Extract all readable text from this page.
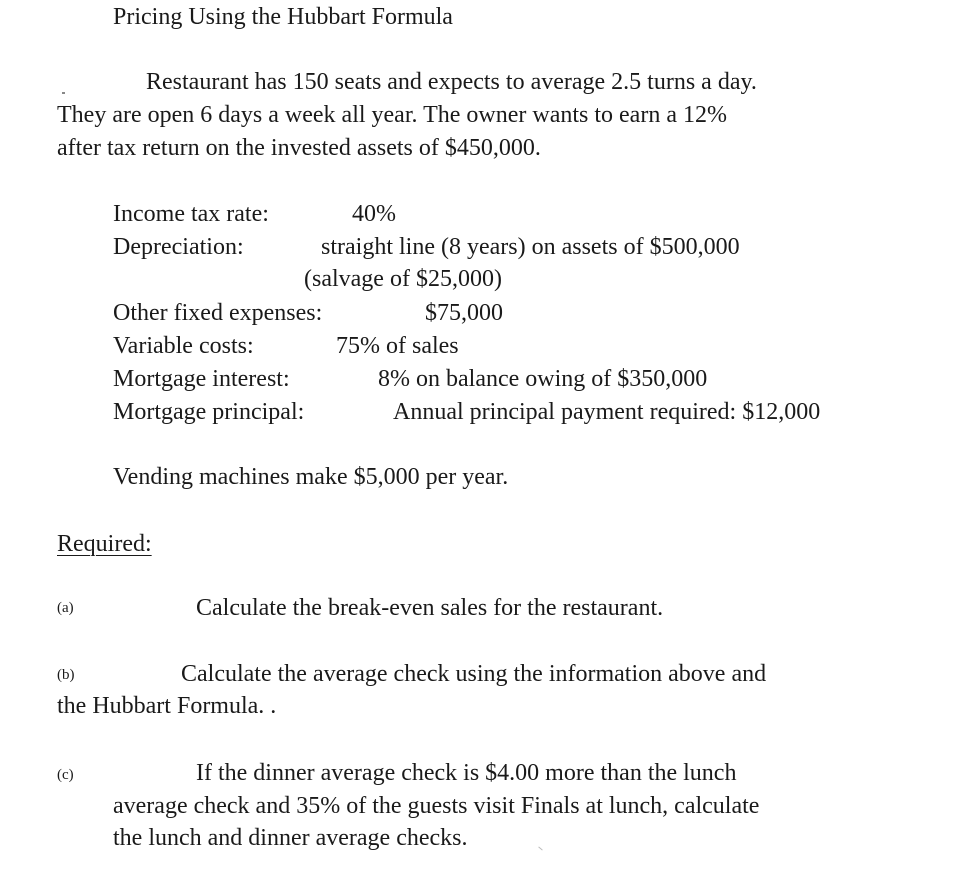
Pricing Using the Hubbart Formula
Restaurant has 150 seats and expects to average 2.5 turns a day.
They are open 6 days a week all year. The owner wants to earn a 12%
after tax return on the invested assets of $450,000.
Income tax rate:	40%
Depreciation:	straight line (8 years) on assets of $500,000
(salvage of $25,000)
Other fixed expenses:	$75,000
Variable costs:	75% of sales
Mortgage interest:	8% on balance owing of $350,000
Mortgage principal:	Annual principal payment required: $12,000
Vending machines make $5,000 per year.
Required:
(a)	Calculate the break-even sales for the restaurant.
(b)	Calculate the average check using the information above and
the Hubbart Formula. .
(c)	If the dinner average check is $4.00 more than the lunch
average check and 35% of the guests visit Finals at lunch, calculate
the lunch and dinner average checks.
